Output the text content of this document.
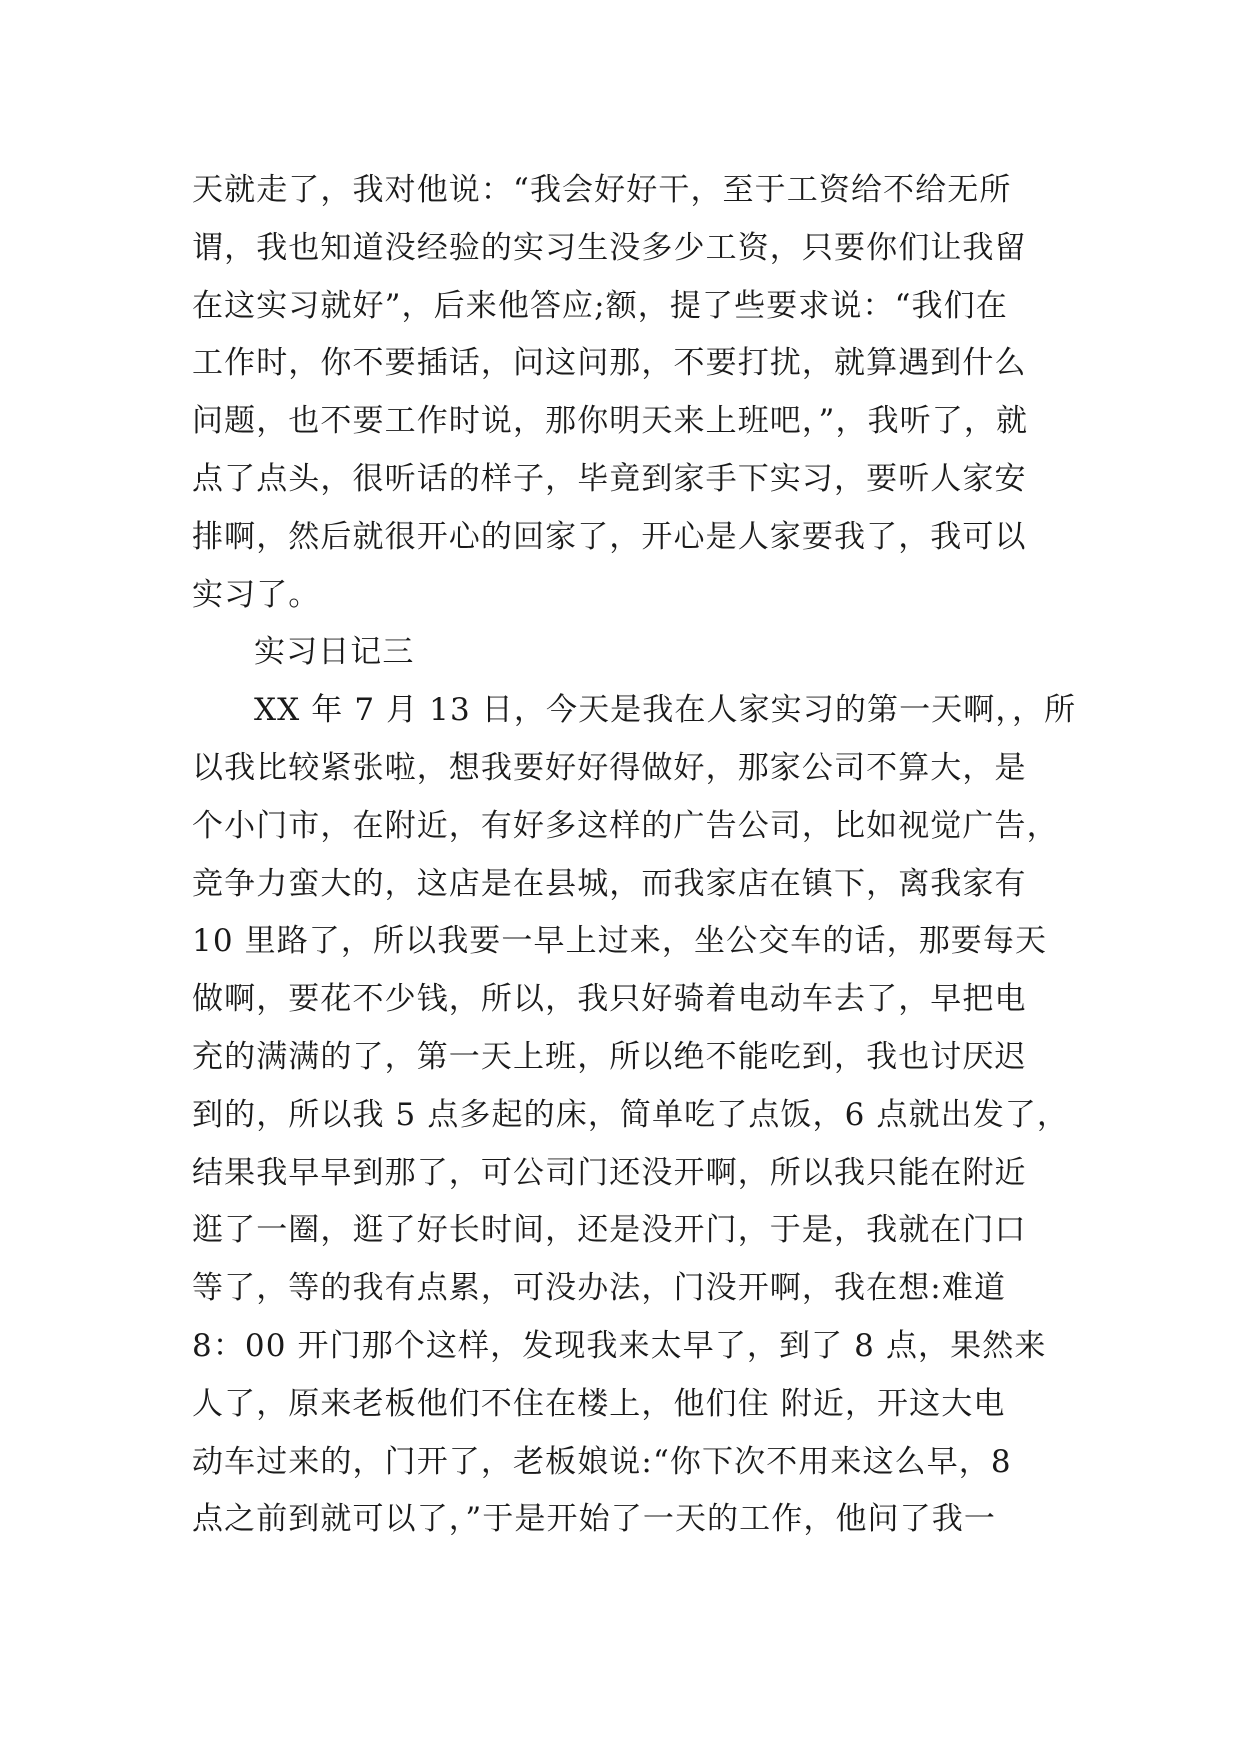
天就走了，我对他说：“我会好好干，至于工资给不给无所
谓，我也知道没经验的实习生没多少工资，只要你们让我留
在这实习就好”，后来他答应;额，提了些要求说：“我们在
工作时，你不要插话，问这问那，不要打扰，就算遇到什么
问题，也不要工作时说，那你明天来上班吧，”，我听了，就
点了点头，很听话的样子，毕竟到家手下实习，要听人家安
排啊，然后就很开心的回家了，开心是人家要我了，我可以
实习了。
实习日记三
XX 年 7 月 13 日，今天是我在人家实习的第一天啊，，所
以我比较紧张啦，想我要好好得做好，那家公司不算大，是
个小门市，在附近，有好多这样的广告公司，比如视觉广告，
竞争力蛮大的，这店是在县城，而我家店在镇下，离我家有
10 里路了，所以我要一早上过来，坐公交车的话，那要每天
做啊，要花不少钱，所以，我只好骑着电动车去了，早把电
充的满满的了，第一天上班，所以绝不能吃到，我也讨厌迟
到的，所以我 5 点多起的床，简单吃了点饭，6 点就出发了，
结果我早早到那了，可公司门还没开啊，所以我只能在附近
逛了一圈，逛了好长时间，还是没开门，于是，我就在门口
等了，等的我有点累，可没办法，门没开啊，我在想:难道
8：00 开门那个这样，发现我来太早了，到了 8 点，果然来
人了，原来老板他们不住在楼上，他们住 附近，开这大电
动车过来的，门开了，老板娘说:“你下次不用来这么早，8
点之前到就可以了，”于是开始了一天的工作，他问了我一
